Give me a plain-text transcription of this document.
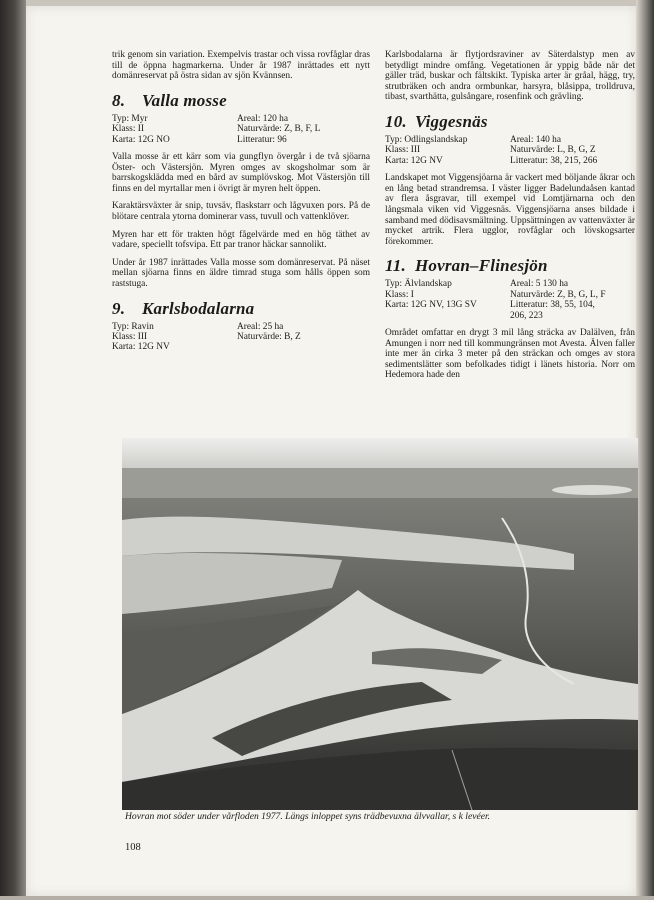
trik genom sin variation. Exempelvis trastar och vissa rovfåglar dras till de öppna hagmarkerna. Under år 1987 inrättades ett nytt domänreservat på östra sidan av sjön Kvännsen.

8. Valla mosse
Typ: Myr	Areal: 120 ha
Klass: II	Naturvärde: Z, B, F, L
Karta: 12G NO	Litteratur: 96

Valla mosse är ett kärr som via gungflyn övergår i de två sjöarna Öster- och Västersjön. Myren omges av skogsholmar som är barrskogsklädda med en bård av sumplövskog. Mot Västersjön till finns en del myrtallar men i övrigt är myren helt öppen.

Karaktärsväxter är snip, tuvsäv, flaskstarr och lågvuxen pors. På de blötare centrala ytorna dominerar vass, tuvull och vattenklöver.

Myren har ett för trakten högt fågelvärde med en hög täthet av vadare, speciellt tofsvipa. Ett par tranor häckar sannolikt.

Under år 1987 inrättades Valla mosse som domänreservat. På näset mellan sjöarna finns en äldre timrad stuga som hålls öppen som raststuga.

9. Karlsbodalarna
Typ: Ravin	Areal: 25 ha
Klass: III	Naturvärde: B, Z
Karta: 12G NV

Karlsbodalarna är flytjordsraviner av Säterdalstyp men av betydligt mindre omfång. Vegetationen är yppig både när det gäller träd, buskar och fältskikt. Typiska arter är gråal, hägg, try, strutbräken och andra ormbunkar, harsyra, blåsippa, trolldruva, tibast, svarthätta, gulsångare, rosenfink och grävling.

10. Viggesnäs
Typ: Odlingslandskap	Areal: 140 ha
Klass: III	Naturvärde: L, B, G, Z
Karta: 12G NV	Litteratur: 38, 215, 266

Landskapet mot Viggensjöarna är vackert med böljande åkrar och en lång betad strandremsa. I väster ligger Badelundaåsen kantad av flera åsgravar, till exempel vid Lomtjärnarna och den långsmala viken vid Viggesnäs. Viggensjöarna anses bildade i samband med dödisavsmältning. Uppsättningen av vattenväxter är mycket artrik. Flera ugglor, rovfåglar och lövskogsarter förekommer.

11. Hovran–Flinesjön
Typ: Älvlandskap	Areal: 5 130 ha
Klass: I	Naturvärde: Z, B, G, L, F
Karta: 12G NV, 13G SV	Litteratur: 38, 55, 104,
206, 223

Området omfattar en drygt 3 mil lång sträcka av Dalälven, från Amungen i norr ned till kommungränsen mot Avesta. Älven faller inte mer än cirka 3 meter på den sträckan och omges av stora sedimentslätter som befolkades tidigt i länets historia. Norr om Hedemora hade den

Hovran mot söder under vårfloden 1977. Längs inloppet syns trädbevuxna älvvallar, s k levéer.
108
